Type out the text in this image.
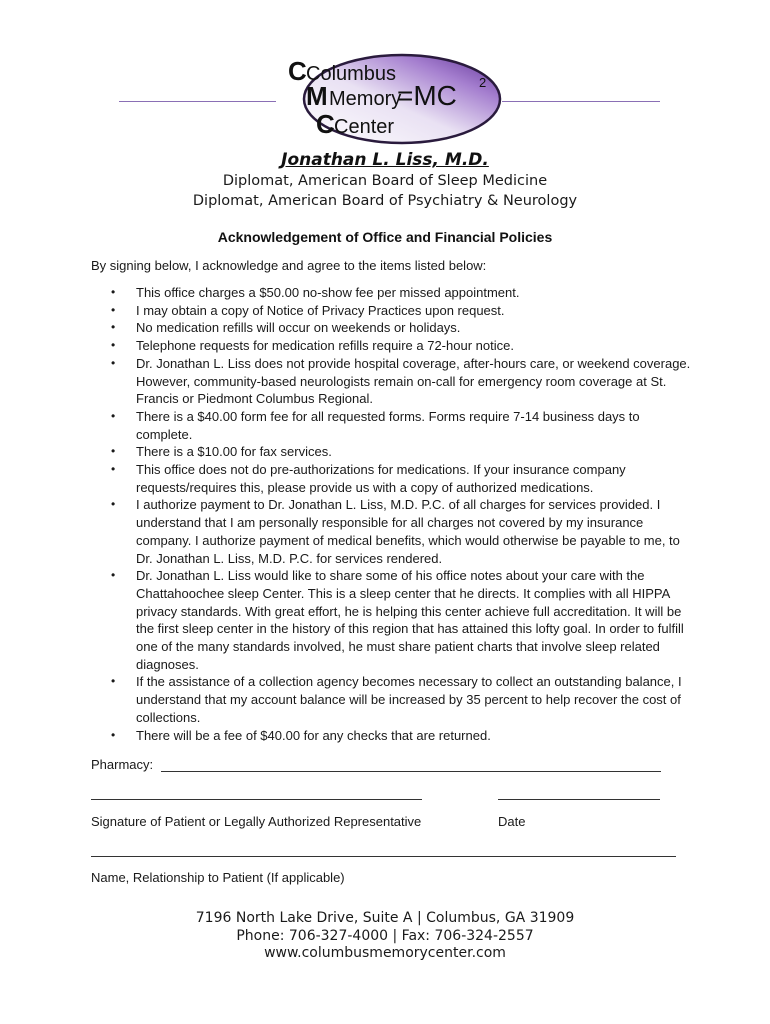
C Columbus
M Memory
=MC 2
C Center
Jonathan L. Liss, M.D.
Diplomat, American Board of Sleep Medicine
Diplomat, American Board of Psychiatry & Neurology
Acknowledgement of Office and Financial Policies
By signing below, I acknowledge and agree to the items listed below:
• This office charges a $50.00 no-show fee per missed appointment.
• I may obtain a copy of Notice of Privacy Practices upon request.
• No medication refills will occur on weekends or holidays.
• Telephone requests for medication refills require a 72-hour notice.
• Dr. Jonathan L. Liss does not provide hospital coverage, after-hours care, or weekend coverage. However, community-based neurologists remain on-call for emergency room coverage at St. Francis or Piedmont Columbus Regional.
• There is a $40.00 form fee for all requested forms. Forms require 7-14 business days to complete.
• There is a $10.00 for fax services.
• This office does not do pre-authorizations for medications. If your insurance company requests/requires this, please provide us with a copy of authorized medications.
• I authorize payment to Dr. Jonathan L. Liss, M.D. P.C. of all charges for services provided. I understand that I am personally responsible for all charges not covered by my insurance company. I authorize payment of medical benefits, which would otherwise be payable to me, to Dr. Jonathan L. Liss, M.D. P.C. for services rendered.
• Dr. Jonathan L. Liss would like to share some of his office notes about your care with the Chattahoochee sleep Center. This is a sleep center that he directs. It complies with all HIPPA privacy standards. With great effort, he is helping this center achieve full accreditation. It will be the first sleep center in the history of this region that has attained this lofty goal. In order to fulfill one of the many standards involved, he must share patient charts that involve sleep related diagnoses.
• If the assistance of a collection agency becomes necessary to collect an outstanding balance, I understand that my account balance will be increased by 35 percent to help recover the cost of collections.
• There will be a fee of $40.00 for any checks that are returned.
Pharmacy:
Signature of Patient or Legally Authorized Representative	Date
Name, Relationship to Patient (If applicable)
7196 North Lake Drive, Suite A | Columbus, GA 31909
Phone: 706-327-4000 | Fax: 706-324-2557
www.columbusmemorycenter.com
